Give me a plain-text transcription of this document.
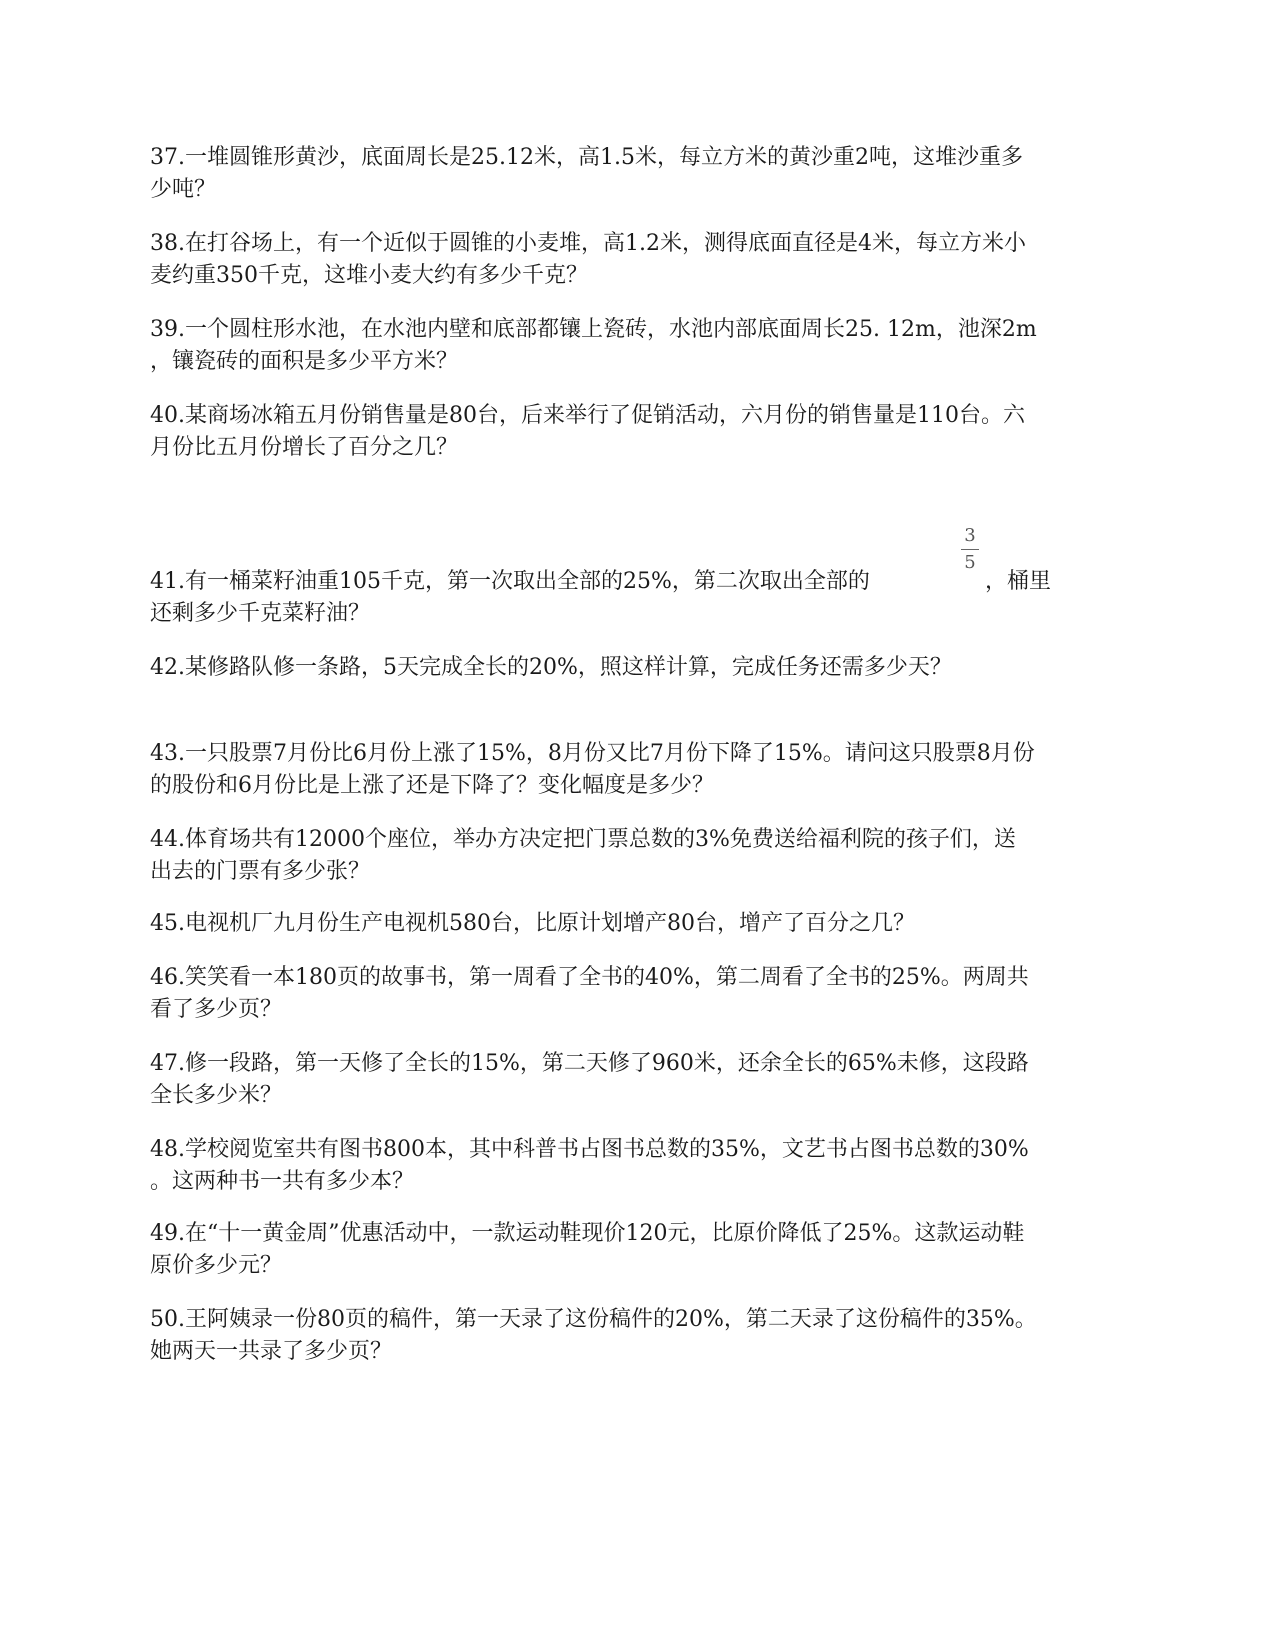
37.一堆圆锥形黄沙，底面周长是25.12米，高1.5米，每立方米的黄沙重2吨，这堆沙重多
少吨？
38.在打谷场上，有一个近似于圆锥的小麦堆，高1.2米，测得底面直径是4米，每立方米小
麦约重350千克，这堆小麦大约有多少千克？
39.一个圆柱形水池，在水池内壁和底部都镶上瓷砖，水池内部底面周长25. 12m，池深2m
，镶瓷砖的面积是多少平方米？
40.某商场冰箱五月份销售量是80台，后来举行了促销活动，六月份的销售量是110台。六
月份比五月份增长了百分之几？
41.有一桶菜籽油重105千克，第一次取出全部的25%，第二次取出全部的	，桶里
还剩多少千克菜籽油？
3
5
42.某修路队修一条路，5天完成全长的20%，照这样计算，完成任务还需多少天？
43.一只股票7月份比6月份上涨了15%，8月份又比7月份下降了15%。请问这只股票8月份
的股份和6月份比是上涨了还是下降了？变化幅度是多少？
44.体育场共有12000个座位，举办方决定把门票总数的3%免费送给福利院的孩子们，送
出去的门票有多少张？
45.电视机厂九月份生产电视机580台，比原计划增产80台，增产了百分之几？
46.笑笑看一本180页的故事书，第一周看了全书的40%，第二周看了全书的25%。两周共
看了多少页？
47.修一段路，第一天修了全长的15%，第二天修了960米，还余全长的65%未修，这段路
全长多少米？
48.学校阅览室共有图书800本，其中科普书占图书总数的35%，文艺书占图书总数的30%
。这两种书一共有多少本？
49.在“十一黄金周”优惠活动中，一款运动鞋现价120元，比原价降低了25%。这款运动鞋
原价多少元？
50.王阿姨录一份80页的稿件，第一天录了这份稿件的20%，第二天录了这份稿件的35%。
她两天一共录了多少页？
